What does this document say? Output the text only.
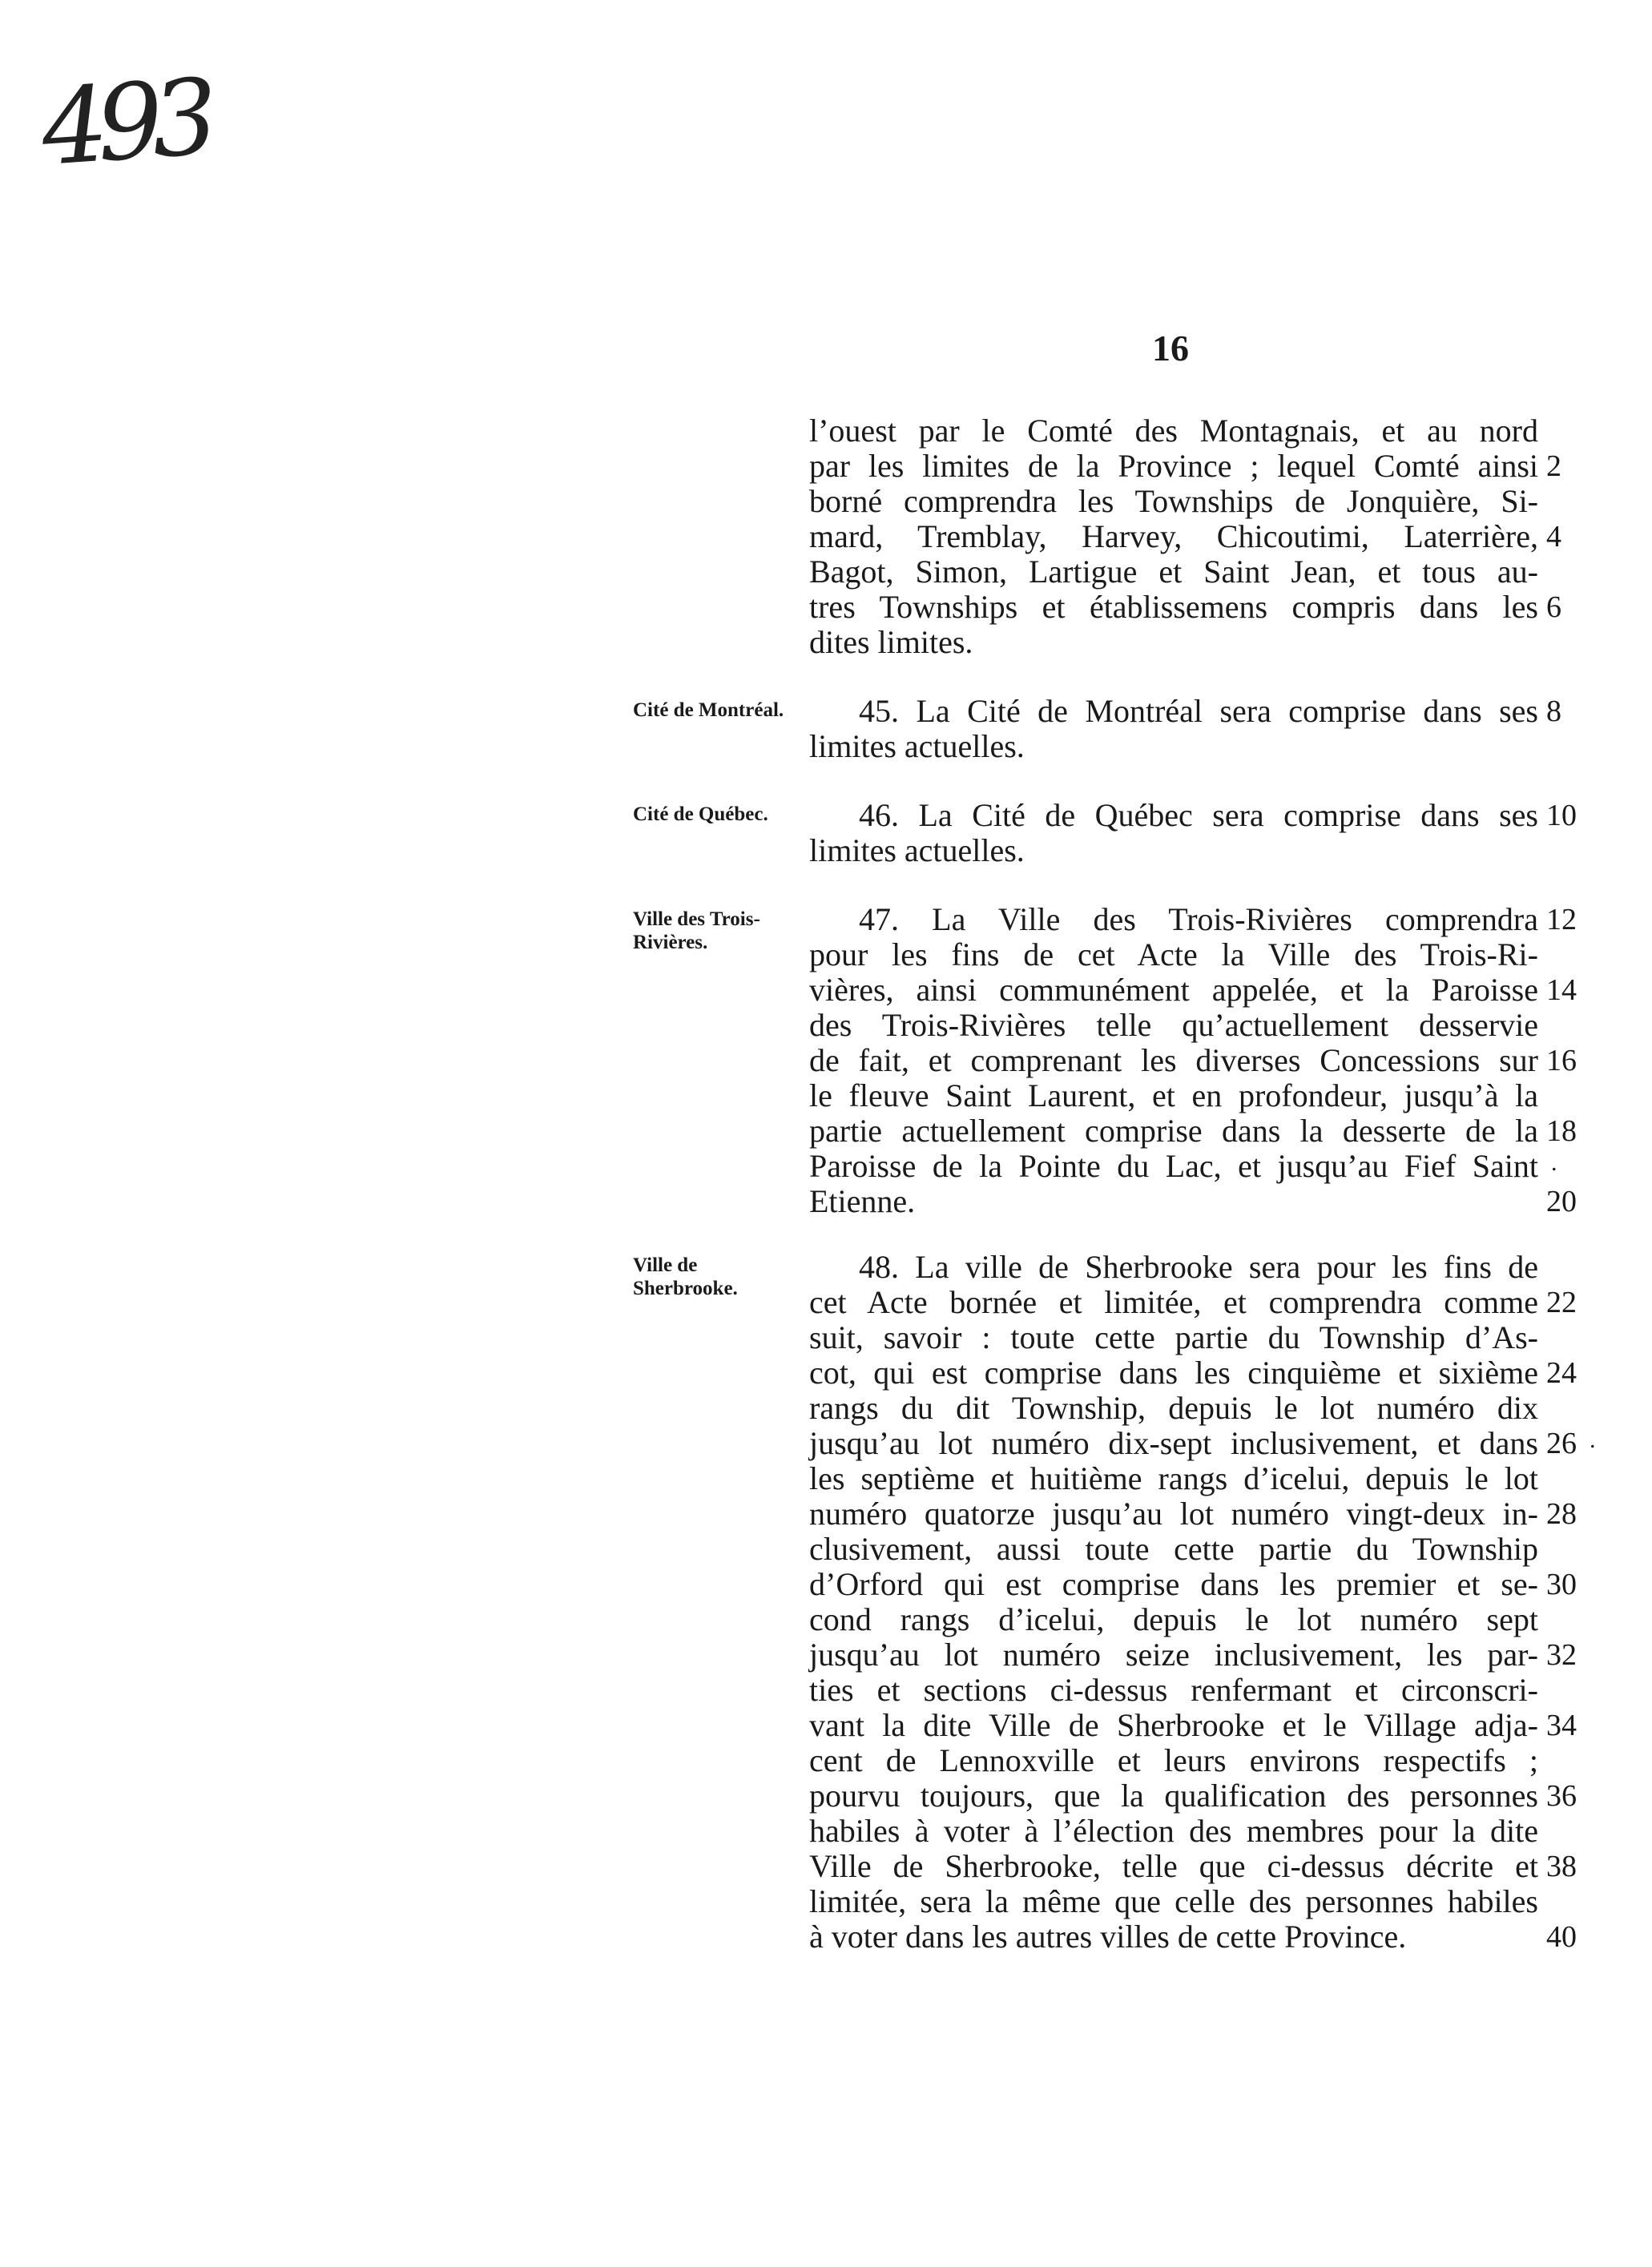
493
16
Cité de Montréal.
Cité de Québec.
Ville des Trois-Rivières.
Ville de Sherbrooke.
l’ouest par le Comté des Montagnais, et au nord
par les limites de la Province ; lequel Comté ainsi
borné comprendra les Townships de Jonquière, Si-
mard, Tremblay, Harvey, Chicoutimi, Laterrière,
Bagot, Simon, Lartigue et Saint Jean, et tous au-
tres Townships et établissemens compris dans les
dites limites.
45. La Cité de Montréal sera comprise dans ses
limites actuelles.
46. La Cité de Québec sera comprise dans ses
limites actuelles.
47. La Ville des Trois-Rivières comprendra
pour les fins de cet Acte la Ville des Trois-Ri-
vières, ainsi communément appelée, et la Paroisse
des Trois-Rivières telle qu’actuellement desservie
de fait, et comprenant les diverses Concessions sur
le fleuve Saint Laurent, et en profondeur, jusqu’à la
partie actuellement comprise dans la desserte de la
Paroisse de la Pointe du Lac, et jusqu’au Fief Saint
Etienne.
48. La ville de Sherbrooke sera pour les fins de
cet Acte bornée et limitée, et comprendra comme
suit, savoir : toute cette partie du Township d’As-
cot, qui est comprise dans les cinquième et sixième
rangs du dit Township, depuis le lot numéro dix
jusqu’au lot numéro dix-sept inclusivement, et dans
les septième et huitième rangs d’icelui, depuis le lot
numéro quatorze jusqu’au lot numéro vingt-deux in-
clusivement, aussi toute cette partie du Township
d’Orford qui est comprise dans les premier et se-
cond rangs d’icelui, depuis le lot numéro sept
jusqu’au lot numéro seize inclusivement, les par-
ties et sections ci-dessus renfermant et circonscri-
vant la dite Ville de Sherbrooke et le Village adja-
cent de Lennoxville et leurs environs respectifs ;
pourvu toujours, que la qualification des personnes
habiles à voter à l’élection des membres pour la dite
Ville de Sherbrooke, telle que ci-dessus décrite et
limitée, sera la même que celle des personnes habiles
à voter dans les autres villes de cette Province.
2
4
6
8
10
12
14
16
18
.
20
22
24
26 .
28
30
32
34
36
38
40
